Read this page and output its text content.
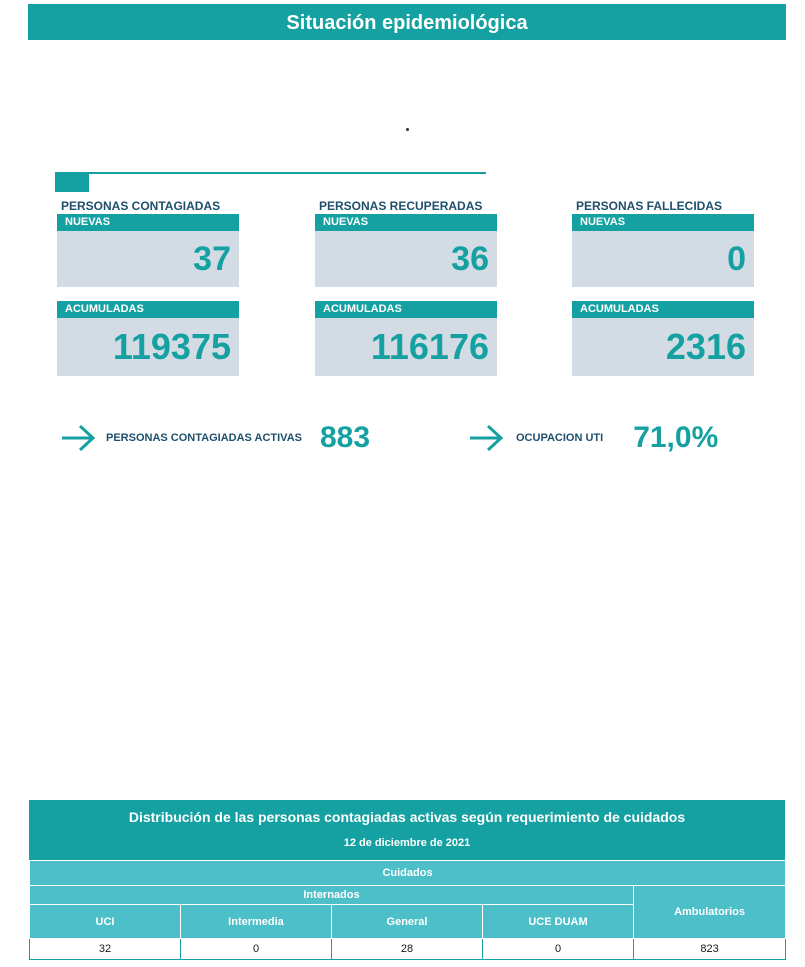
Situación epidemiológica
PERSONAS CONTAGIADAS
NUEVAS
37
ACUMULADAS
119375
PERSONAS RECUPERADAS
NUEVAS
36
ACUMULADAS
116176
PERSONAS FALLECIDAS
NUEVAS
0
ACUMULADAS
2316
PERSONAS CONTAGIADAS ACTIVAS 883	OCUPACION UTI 71,0%
Distribución de las personas contagiadas activas según requerimiento de cuidados
12 de diciembre de 2021
Cuidados				
Internados				Ambulatorios
UCI	Intermedia	General	UCE DUAM	
32	0	28	0	823
